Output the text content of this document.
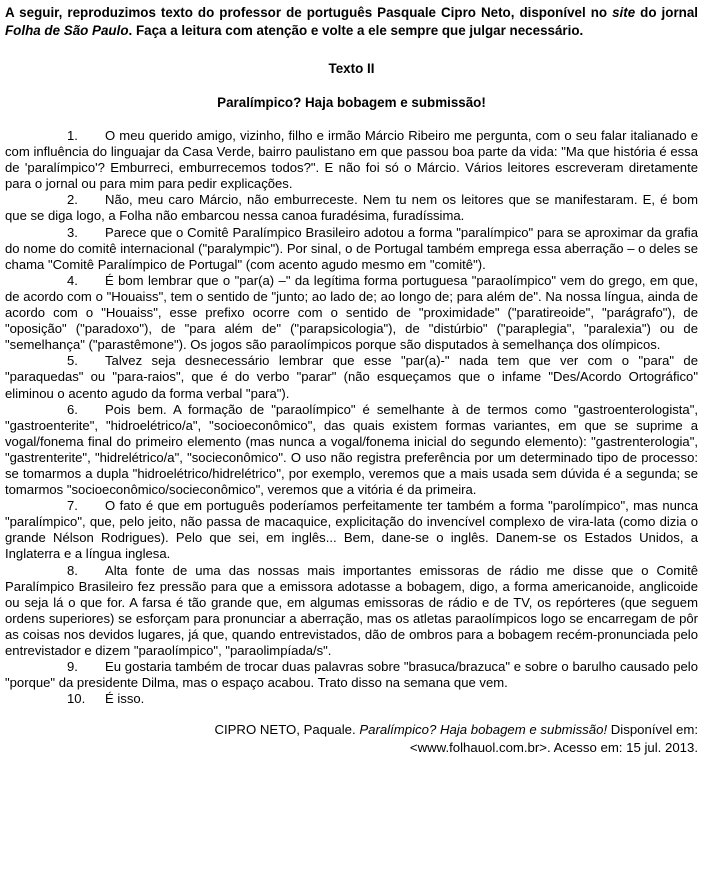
A seguir, reproduzimos texto do professor de português Pasquale Cipro Neto, disponível no site do jornal Folha de São Paulo. Faça a leitura com atenção e volte a ele sempre que julgar necessário.

Texto II

Paralímpico? Haja bobagem e submissão!

1. O meu querido amigo, vizinho, filho e irmão Márcio Ribeiro me pergunta, com o seu falar italianado e com influência do linguajar da Casa Verde, bairro paulistano em que passou boa parte da vida: "Ma que história é essa de 'paralímpico'? Emburreci, emburrecemos todos?". E não foi só o Márcio. Vários leitores escreveram diretamente para o jornal ou para mim para pedir explicações.

2. Não, meu caro Márcio, não emburreceste. Nem tu nem os leitores que se manifestaram. E, é bom que se diga logo, a Folha não embarcou nessa canoa furadésima, furadíssima.

3. Parece que o Comitê Paralímpico Brasileiro adotou a forma "paralímpico" para se aproximar da grafia do nome do comitê internacional ("paralympic"). Por sinal, o de Portugal também emprega essa aberração – o deles se chama "Comitê Paralímpico de Portugal" (com acento agudo mesmo em "comitê").

4. É bom lembrar que o "par(a) –" da legítima forma portuguesa "paraolímpico" vem do grego, em que, de acordo com o "Houaiss", tem o sentido de "junto; ao lado de; ao longo de; para além de". Na nossa língua, ainda de acordo com o "Houaiss", esse prefixo ocorre com o sentido de "proximidade" ("paratireoide", "parágrafo"), de "oposição" ("paradoxo"), de "para além de" ("parapsicologia"), de "distúrbio" ("paraplegia", "paralexia") ou de "semelhança" ("parastêmone"). Os jogos são paraolímpicos porque são disputados à semelhança dos olímpicos.

5. Talvez seja desnecessário lembrar que esse "par(a)-" nada tem que ver com o "para" de "paraquedas" ou "para-raios", que é do verbo "parar" (não esqueçamos que o infame "Des/Acordo Ortográfico" eliminou o acento agudo da forma verbal "para").

6. Pois bem. A formação de "paraolímpico" é semelhante à de termos como "gastroenterologista", "gastroenterite", "hidroelétrico/a", "socioeconômico", das quais existem formas variantes, em que se suprime a vogal/fonema final do primeiro elemento (mas nunca a vogal/fonema inicial do segundo elemento): "gastrenterologia", "gastrenterite", "hidrelétrico/a", "socieconômico". O uso não registra preferência por um determinado tipo de processo: se tomarmos a dupla "hidroelétrico/hidrelétrico", por exemplo, veremos que a mais usada sem dúvida é a segunda; se tomarmos "socioeconômico/socieconômico", veremos que a vitória é da primeira.

7. O fato é que em português poderíamos perfeitamente ter também a forma "parolímpico", mas nunca "paralímpico", que, pelo jeito, não passa de macaquice, explicitação do invencível complexo de vira-lata (como dizia o grande Nélson Rodrigues). Pelo que sei, em inglês... Bem, dane-se o inglês. Danem-se os Estados Unidos, a Inglaterra e a língua inglesa.

8. Alta fonte de uma das nossas mais importantes emissoras de rádio me disse que o Comitê Paralímpico Brasileiro fez pressão para que a emissora adotasse a bobagem, digo, a forma americanoide, anglicoide ou seja lá o que for. A farsa é tão grande que, em algumas emissoras de rádio e de TV, os repórteres (que seguem ordens superiores) se esforçam para pronunciar a aberração, mas os atletas paraolímpicos logo se encarregam de pôr as coisas nos devidos lugares, já que, quando entrevistados, dão de ombros para a bobagem recém-pronunciada pelo entrevistador e dizem "paraolímpico", "paraolimpíada/s".

9. Eu gostaria também de trocar duas palavras sobre "brasuca/brazuca" e sobre o barulho causado pelo "porque" da presidente Dilma, mas o espaço acabou. Trato disso na semana que vem.

10. É isso.

CIPRO NETO, Paquale. Paralímpico? Haja bobagem e submissão! Disponível em:
<www.folhauol.com.br>. Acesso em: 15 jul. 2013.
